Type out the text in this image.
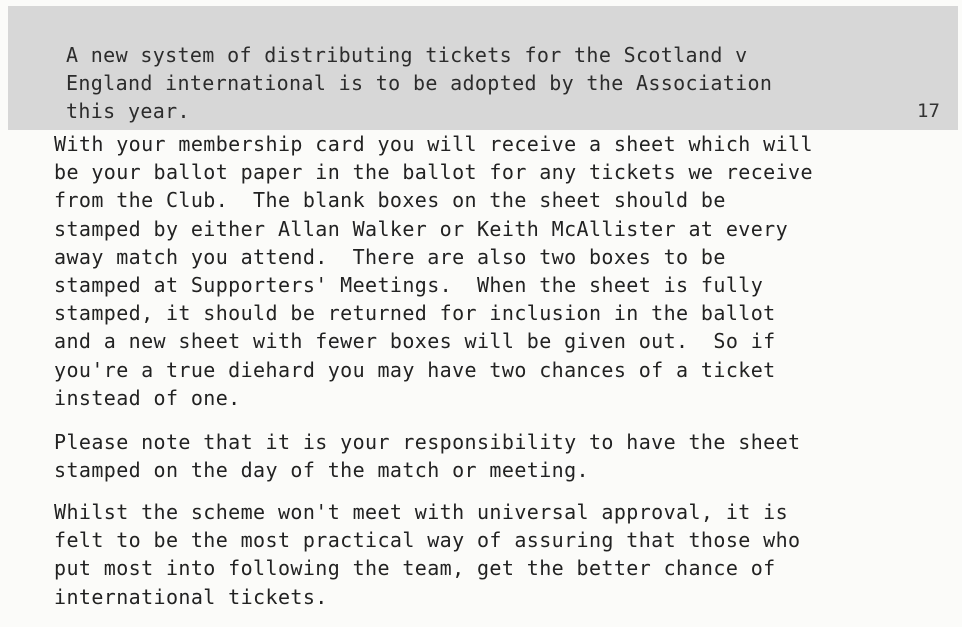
A new system of distributing tickets for the Scotland v
England international is to be adopted by the Association
this year.	17

With your membership card you will receive a sheet which will
be your ballot paper in the ballot for any tickets we receive
from the Club.  The blank boxes on the sheet should be
stamped by either Allan Walker or Keith McAllister at every
away match you attend.  There are also two boxes to be
stamped at Supporters' Meetings.  When the sheet is fully
stamped, it should be returned for inclusion in the ballot
and a new sheet with fewer boxes will be given out.  So if
you're a true diehard you may have two chances of a ticket
instead of one.

Please note that it is your responsibility to have the sheet
stamped on the day of the match or meeting.

Whilst the scheme won't meet with universal approval, it is
felt to be the most practical way of assuring that those who
put most into following the team, get the better chance of
international tickets.
